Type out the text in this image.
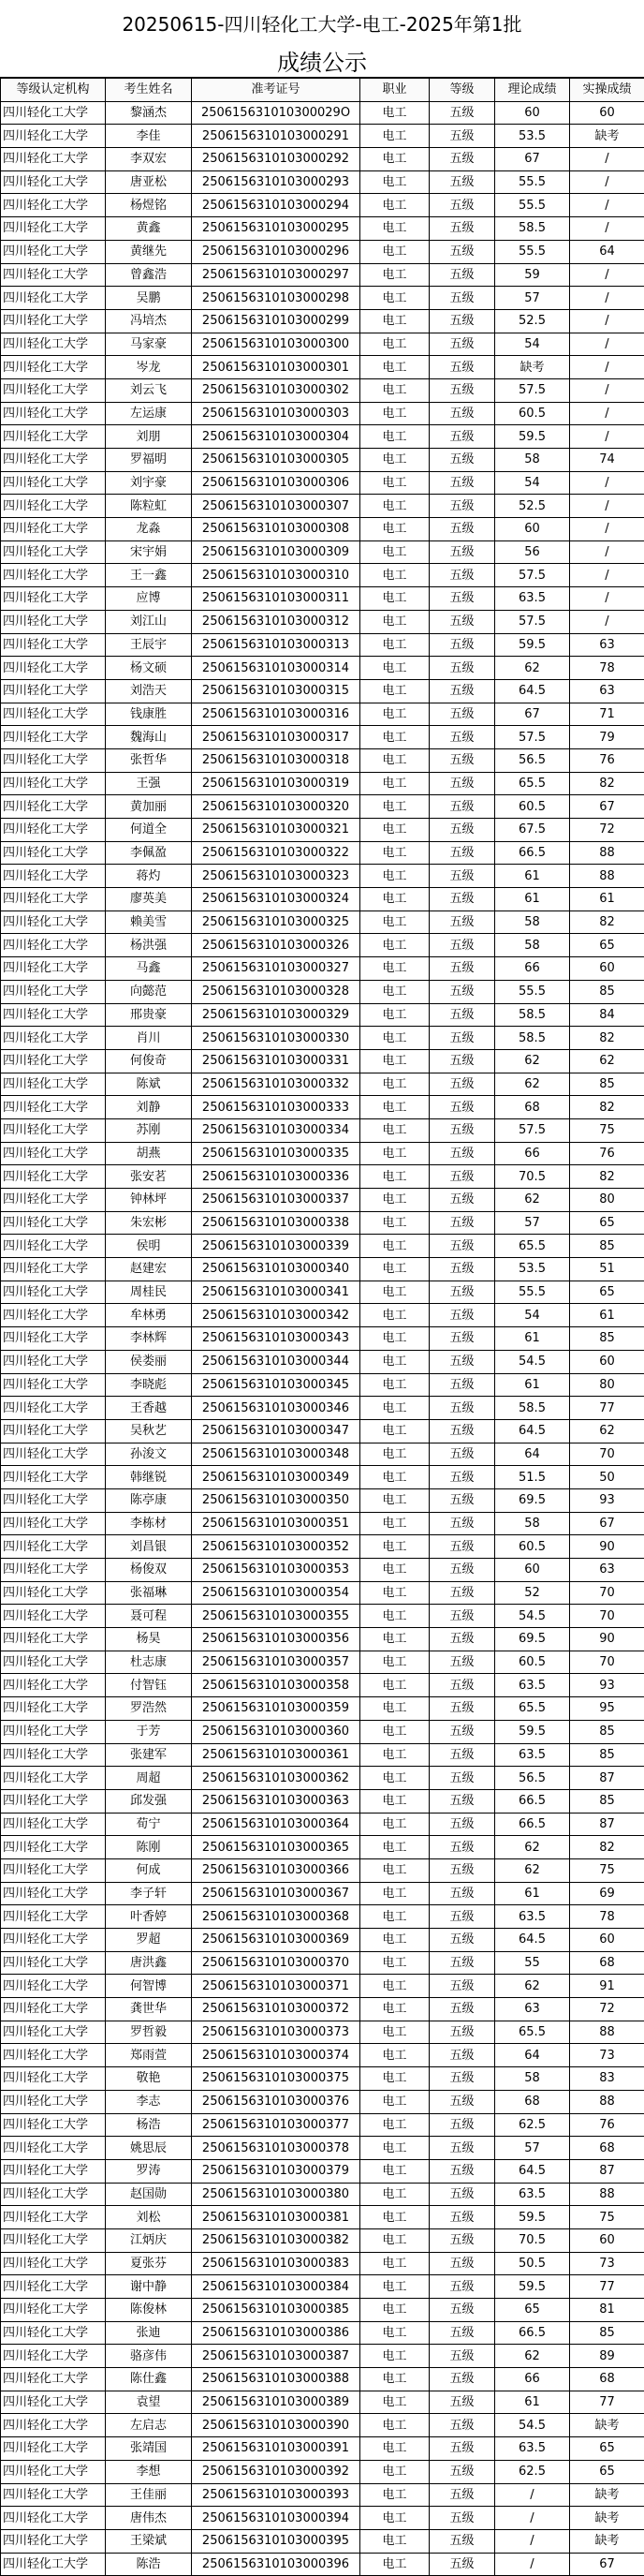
20250615-四川轻化工大学-电工-2025年第1批
成绩公示
等级认定机构	考生姓名	准考证号	职业	等级	理论成绩	实操成绩
四川轻化工大学	黎涵杰	250615631010300029O	电工	五级	60	60
四川轻化工大学	李佳	2506156310103000291	电工	五级	53.5	缺考
四川轻化工大学	李双宏	2506156310103000292	电工	五级	67	/
四川轻化工大学	唐亚松	2506156310103000293	电工	五级	55.5	/
四川轻化工大学	杨煜铭	2506156310103000294	电工	五级	55.5	/
四川轻化工大学	黄鑫	2506156310103000295	电工	五级	58.5	/
四川轻化工大学	黄继先	2506156310103000296	电工	五级	55.5	64
四川轻化工大学	曾鑫浩	2506156310103000297	电工	五级	59	/
四川轻化工大学	吴鹏	2506156310103000298	电工	五级	57	/
四川轻化工大学	冯培杰	2506156310103000299	电工	五级	52.5	/
四川轻化工大学	马家豪	2506156310103000300	电工	五级	54	/
四川轻化工大学	岑龙	2506156310103000301	电工	五级	缺考	/
四川轻化工大学	刘云飞	2506156310103000302	电工	五级	57.5	/
四川轻化工大学	左运康	2506156310103000303	电工	五级	60.5	/
四川轻化工大学	刘朋	2506156310103000304	电工	五级	59.5	/
四川轻化工大学	罗福明	2506156310103000305	电工	五级	58	74
四川轻化工大学	刘宇豪	2506156310103000306	电工	五级	54	/
四川轻化工大学	陈粒虹	2506156310103000307	电工	五级	52.5	/
四川轻化工大学	龙淼	2506156310103000308	电工	五级	60	/
四川轻化工大学	宋宇娟	2506156310103000309	电工	五级	56	/
四川轻化工大学	王一鑫	2506156310103000310	电工	五级	57.5	/
四川轻化工大学	应博	2506156310103000311	电工	五级	63.5	/
四川轻化工大学	刘江山	2506156310103000312	电工	五级	57.5	/
四川轻化工大学	王辰宇	2506156310103000313	电工	五级	59.5	63
四川轻化工大学	杨文硕	2506156310103000314	电工	五级	62	78
四川轻化工大学	刘浩天	2506156310103000315	电工	五级	64.5	63
四川轻化工大学	钱康胜	2506156310103000316	电工	五级	67	71
四川轻化工大学	魏海山	2506156310103000317	电工	五级	57.5	79
四川轻化工大学	张哲华	2506156310103000318	电工	五级	56.5	76
四川轻化工大学	王强	2506156310103000319	电工	五级	65.5	82
四川轻化工大学	黄加丽	2506156310103000320	电工	五级	60.5	67
四川轻化工大学	何道全	2506156310103000321	电工	五级	67.5	72
四川轻化工大学	李佩盈	2506156310103000322	电工	五级	66.5	88
四川轻化工大学	蒋灼	2506156310103000323	电工	五级	61	88
四川轻化工大学	廖英美	2506156310103000324	电工	五级	61	61
四川轻化工大学	赖美雪	2506156310103000325	电工	五级	58	82
四川轻化工大学	杨洪强	2506156310103000326	电工	五级	58	65
四川轻化工大学	马鑫	2506156310103000327	电工	五级	66	60
四川轻化工大学	向懿范	2506156310103000328	电工	五级	55.5	85
四川轻化工大学	邢贵豪	2506156310103000329	电工	五级	58.5	84
四川轻化工大学	肖川	2506156310103000330	电工	五级	58.5	82
四川轻化工大学	何俊奇	2506156310103000331	电工	五级	62	62
四川轻化工大学	陈斌	2506156310103000332	电工	五级	62	85
四川轻化工大学	刘静	2506156310103000333	电工	五级	68	82
四川轻化工大学	苏刚	2506156310103000334	电工	五级	57.5	75
四川轻化工大学	胡燕	2506156310103000335	电工	五级	66	76
四川轻化工大学	张安茗	2506156310103000336	电工	五级	70.5	82
四川轻化工大学	钟林坪	2506156310103000337	电工	五级	62	80
四川轻化工大学	朱宏彬	2506156310103000338	电工	五级	57	65
四川轻化工大学	侯明	2506156310103000339	电工	五级	65.5	85
四川轻化工大学	赵建宏	2506156310103000340	电工	五级	53.5	51
四川轻化工大学	周桂民	2506156310103000341	电工	五级	55.5	65
四川轻化工大学	牟林勇	2506156310103000342	电工	五级	54	61
四川轻化工大学	李林辉	2506156310103000343	电工	五级	61	85
四川轻化工大学	侯娄丽	2506156310103000344	电工	五级	54.5	60
四川轻化工大学	李晓彪	2506156310103000345	电工	五级	61	80
四川轻化工大学	王香越	2506156310103000346	电工	五级	58.5	77
四川轻化工大学	吴秋艺	2506156310103000347	电工	五级	64.5	62
四川轻化工大学	孙浚文	2506156310103000348	电工	五级	64	70
四川轻化工大学	韩继锐	2506156310103000349	电工	五级	51.5	50
四川轻化工大学	陈亭康	2506156310103000350	电工	五级	69.5	93
四川轻化工大学	李栋材	2506156310103000351	电工	五级	58	67
四川轻化工大学	刘昌银	2506156310103000352	电工	五级	60.5	90
四川轻化工大学	杨俊双	2506156310103000353	电工	五级	60	63
四川轻化工大学	张福琳	2506156310103000354	电工	五级	52	70
四川轻化工大学	聂可程	2506156310103000355	电工	五级	54.5	70
四川轻化工大学	杨昊	2506156310103000356	电工	五级	69.5	90
四川轻化工大学	杜志康	2506156310103000357	电工	五级	60.5	70
四川轻化工大学	付智钰	2506156310103000358	电工	五级	63.5	93
四川轻化工大学	罗浩然	2506156310103000359	电工	五级	65.5	95
四川轻化工大学	于芳	2506156310103000360	电工	五级	59.5	85
四川轻化工大学	张建军	2506156310103000361	电工	五级	63.5	85
四川轻化工大学	周超	2506156310103000362	电工	五级	56.5	87
四川轻化工大学	邱发强	2506156310103000363	电工	五级	66.5	85
四川轻化工大学	荀宁	2506156310103000364	电工	五级	66.5	87
四川轻化工大学	陈刚	2506156310103000365	电工	五级	62	82
四川轻化工大学	何成	2506156310103000366	电工	五级	62	75
四川轻化工大学	李子轩	2506156310103000367	电工	五级	61	69
四川轻化工大学	叶香婷	2506156310103000368	电工	五级	63.5	78
四川轻化工大学	罗超	2506156310103000369	电工	五级	64.5	60
四川轻化工大学	唐洪鑫	2506156310103000370	电工	五级	55	68
四川轻化工大学	何智博	2506156310103000371	电工	五级	62	91
四川轻化工大学	龚世华	2506156310103000372	电工	五级	63	72
四川轻化工大学	罗哲毅	2506156310103000373	电工	五级	65.5	88
四川轻化工大学	郑雨萱	2506156310103000374	电工	五级	64	73
四川轻化工大学	敬艳	2506156310103000375	电工	五级	58	83
四川轻化工大学	李志	2506156310103000376	电工	五级	68	88
四川轻化工大学	杨浩	2506156310103000377	电工	五级	62.5	76
四川轻化工大学	姚思辰	2506156310103000378	电工	五级	57	68
四川轻化工大学	罗涛	2506156310103000379	电工	五级	64.5	87
四川轻化工大学	赵国勋	2506156310103000380	电工	五级	63.5	88
四川轻化工大学	刘松	2506156310103000381	电工	五级	59.5	75
四川轻化工大学	江炳庆	2506156310103000382	电工	五级	70.5	60
四川轻化工大学	夏张芬	2506156310103000383	电工	五级	50.5	73
四川轻化工大学	谢中静	2506156310103000384	电工	五级	59.5	77
四川轻化工大学	陈俊林	2506156310103000385	电工	五级	65	81
四川轻化工大学	张迪	2506156310103000386	电工	五级	66.5	85
四川轻化工大学	骆彦伟	2506156310103000387	电工	五级	62	89
四川轻化工大学	陈仕鑫	2506156310103000388	电工	五级	66	68
四川轻化工大学	袁望	2506156310103000389	电工	五级	61	77
四川轻化工大学	左启志	2506156310103000390	电工	五级	54.5	缺考
四川轻化工大学	张靖国	2506156310103000391	电工	五级	63.5	65
四川轻化工大学	李想	2506156310103000392	电工	五级	62.5	65
四川轻化工大学	王佳丽	2506156310103000393	电工	五级	/	缺考
四川轻化工大学	唐伟杰	2506156310103000394	电工	五级	/	缺考
四川轻化工大学	王梁斌	2506156310103000395	电工	五级	/	缺考
四川轻化工大学	陈浩	2506156310103000396	电工	五级	/	67
